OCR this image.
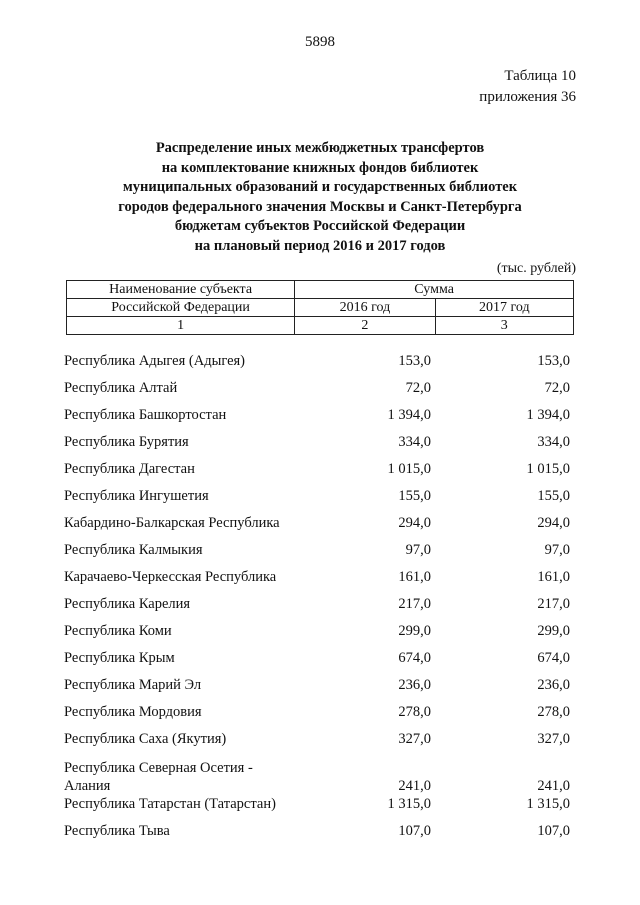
5898
Таблица 10
приложения 36
Распределение иных межбюджетных трансфертов
на комплектование книжных фондов библиотек
муниципальных образований и государственных библиотек
городов федерального значения Москвы и Санкт-Петербурга
бюджетам субъектов Российской Федерации
на плановый период 2016 и 2017 годов
(тыс. рублей)
Наименование субъекта	Сумма	
Российской Федерации	2016 год	2017 год
1	2	3
Республика Адыгея (Адыгея)	153,0	153,0
Республика Алтай	72,0	72,0
Республика Башкортостан	1 394,0	1 394,0
Республика Бурятия	334,0	334,0
Республика Дагестан	1 015,0	1 015,0
Республика Ингушетия	155,0	155,0
Кабардино-Балкарская Республика	294,0	294,0
Республика Калмыкия	97,0	97,0
Карачаево-Черкесская Республика	161,0	161,0
Республика Карелия	217,0	217,0
Республика Коми	299,0	299,0
Республика Крым	674,0	674,0
Республика Марий Эл	236,0	236,0
Республика Мордовия	278,0	278,0
Республика Саха (Якутия)	327,0	327,0
Республика Северная Осетия - Алания	241,0	241,0
Республика Татарстан (Татарстан)	1 315,0	1 315,0
Республика Тыва	107,0	107,0
